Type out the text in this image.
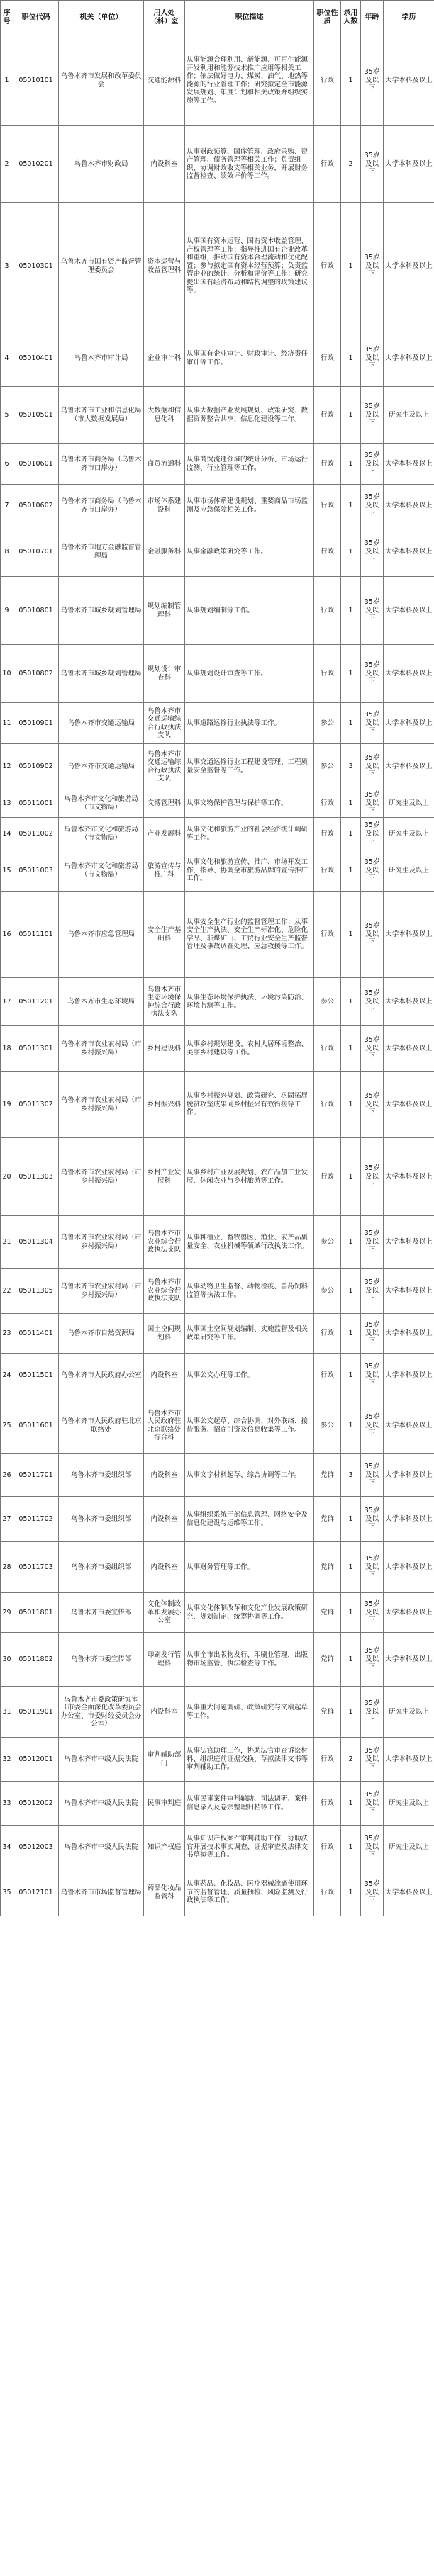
序号	职位代码	机关（单位）	用人处（科）室	职位描述	职位性质	录用人数	年龄	学历
1	05010101	乌鲁木齐市发展和改革委员会	交通能源科	从事能源合理利用、新能源、可再生能源开发利用和能源技术推广应用等相关工作；依法做好电力、煤炭、油气、地热等能源的行业管理工作；研究拟定全市能源发展规划、年度计划和相关政策并组织实施等工作。	行政	1	35岁及以下	大学本科及以上
2	05010201	乌鲁木齐市财政局	内设科室	从事财政预算、国库管理、政府采购、资产管理、债务管理等相关工作；负责组织、协调财政收支等相关业务，开展财务监督检查、绩效评价等工作。	行政	2	35岁及以下	大学本科及以上
3	05010301	乌鲁木齐市国有资产监督管理委员会	资本运营与收益管理科	从事国有资本运营、国有资本收益管理、产权管理等工作；指导推进国有企业改革和重组，推动国有资本合理流动和优化配置；参与拟定国有资本经营预算；负责监管企业的统计、分析和评价等工作；研究提出国有经济布局和结构调整的政策建议等。	行政	1	35岁及以下	大学本科及以上
4	05010401	乌鲁木齐市审计局	企业审计科	从事国有企业审计、财政审计、经济责任审计等工作。	行政	1	35岁及以下	大学本科及以上
5	05010501	乌鲁木齐市工业和信息化局（市大数据发展局）	大数据和信息化科	从事大数据产业发展规划、政策研究、数据资源整合共享、信息化建设等工作。	行政	1	35岁及以下	研究生及以上
6	05010601	乌鲁木齐市商务局（乌鲁木齐市口岸办）	商贸流通科	从事商贸流通领域的统计分析、市场运行监测、行业管理等工作。	行政	1	35岁及以下	大学本科及以上
7	05010602	乌鲁木齐市商务局（乌鲁木齐市口岸办）	市场体系建设科	从事市场体系建设规划、重要商品市场监测及应急保障相关工作。	行政	1	35岁及以下	大学本科及以上
8	05010701	乌鲁木齐市地方金融监督管理局	金融服务科	从事金融政策研究等工作。	行政	1	35岁及以下	大学本科及以上
9	05010801	乌鲁木齐市城乡规划管理局	规划编制管理科	从事规划编制等工作。	行政	1	35岁及以下	大学本科及以上
10	05010802	乌鲁木齐市城乡规划管理局	规划设计审查科	从事规划设计审查等工作。	行政	1	35岁及以下	大学本科及以上
11	05010901	乌鲁木齐市交通运输局	乌鲁木齐市交通运输综合行政执法支队	从事道路运输行业执法等工作。	参公	1	35岁及以下	大学本科及以上
12	05010902	乌鲁木齐市交通运输局	乌鲁木齐市交通运输综合行政执法支队	从事交通运输行业工程建设管理、工程质量安全监督等工作。	参公	3	35岁及以下	大学本科及以上
13	05011001	乌鲁木齐市文化和旅游局（市文物局）	文博管理科	从事文物保护管理与保护等工作。	行政	1	35岁及以下	研究生及以上
14	05011002	乌鲁木齐市文化和旅游局（市文物局）	产业发展科	从事文化和旅游产业的社会经济统计调研等工作。	行政	1	35岁及以下	研究生及以上
15	05011003	乌鲁木齐市文化和旅游局（市文物局）	旅游宣传与推广科	从事文化和旅游宣传、推广、市场开发工作，指导、协调全市旅游品牌的宣传推广工作。	行政	1	35岁及以下	研究生及以上
16	05011101	乌鲁木齐市应急管理局	安全生产基础科	从事安全生产行业的监督管理工作；从事安全生产执法、安全生产标准化、危险化学品、非煤矿山、工贸行业安全生产监督管理及事故调查处理、应急救援等工作。	行政	1	35岁及以下	大学本科及以上
17	05011201	乌鲁木齐市生态环境局	乌鲁木齐市生态环境保护综合行政执法支队	从事生态环境保护执法、环境污染防治、环境监测等工作。	参公	1	35岁及以下	大学本科及以上
18	05011301	乌鲁木齐市农业农村局（市乡村振兴局）	乡村建设科	从事乡村规划建设、农村人居环境整治、美丽乡村建设等工作。	行政	1	35岁及以下	大学本科及以上
19	05011302	乌鲁木齐市农业农村局（市乡村振兴局）	乡村振兴科	从事乡村振兴规划、政策研究、巩固拓展脱贫攻坚成果同乡村振兴有效衔接等工作。	行政	1	35岁及以下	大学本科及以上
20	05011303	乌鲁木齐市农业农村局（市乡村振兴局）	乡村产业发展科	从事乡村产业发展规划、农产品加工业发展、休闲农业与乡村旅游等工作。	行政	1	35岁及以下	大学本科及以上
21	05011304	乌鲁木齐市农业农村局（市乡村振兴局）	乌鲁木齐市农业综合行政执法支队	从事种植业、畜牧兽医、渔业、农产品质量安全、农业机械等领域行政执法工作。	参公	1	35岁及以下	大学本科及以上
22	05011305	乌鲁木齐市农业农村局（市乡村振兴局）	乌鲁木齐市农业综合行政执法支队	从事动物卫生监督、动物检疫、兽药饲料监管等执法工作。	参公	1	35岁及以下	大学本科及以上
23	05011401	乌鲁木齐市自然资源局	国土空间规划科	从事国土空间规划编制、实施监督及相关政策研究等工作。	行政	1	35岁及以下	大学本科及以上
24	05011501	乌鲁木齐市人民政府办公室	内设科室	从事公文办理等工作。	行政	1	35岁及以下	大学本科及以上
25	05011601	乌鲁木齐市人民政府驻北京联络处	乌鲁木齐市人民政府驻北京联络处综合科	从事公文起草、综合协调、对外联络、接待服务、招商引资及信息收集等工作。	参公	1	35岁及以下	大学本科及以上
26	05011701	乌鲁木齐市委组织部	内设科室	从事文字材料起草、综合协调等工作。	党群	3	35岁及以下	大学本科及以上
27	05011702	乌鲁木齐市委组织部	内设科室	从事组织系统干部信息管理、网络安全及信息化建设与运维等工作。	党群	1	35岁及以下	大学本科及以上
28	05011703	乌鲁木齐市委组织部	内设科室	从事财务管理等工作。	党群	1	35岁及以下	大学本科及以上
29	05011801	乌鲁木齐市委宣传部	文化体制改革和发展办公室	从事文化体制改革和文化产业发展政策研究、规划制定、统筹协调等工作。	党群	1	35岁及以下	大学本科及以上
30	05011802	乌鲁木齐市委宣传部	印刷发行管理科	从事全市出版物发行、印刷业管理，出版物市场监管、执法检查等工作。	党群	1	35岁及以下	大学本科及以上
31	05011901	乌鲁木齐市委政策研究室（市委全面深化改革委员会办公室、市委财经委员会办公室）	内设科室	从事重大问题调研、政策研究与文稿起草等工作。	党群	1	35岁及以下	研究生及以上
32	05012001	乌鲁木齐市中级人民法院	审判辅助部门	从事法官助理工作，协助法官审查诉讼材料、组织庭前证据交换、草拟法律文书等审判辅助工作。	行政	2	35岁及以下	大学本科及以上
33	05012002	乌鲁木齐市中级人民法院	民事审判庭	从事民事案件审判辅助、司法调研、案件信息录入及卷宗整理归档等工作。	行政	1	35岁及以下	研究生及以上
34	05012003	乌鲁木齐市中级人民法院	知识产权庭	从事知识产权案件审判辅助工作，协助法官开展技术事实调查、证据审查及法律文书草拟等工作。	行政	1	35岁及以下	研究生及以上
35	05012101	乌鲁木齐市市场监督管理局	药品化妆品监管科	从事药品、化妆品、医疗器械流通使用环节的监督管理、质量抽检、风险监测及行政执法等工作。	行政	1	35岁及以下	大学本科及以上
